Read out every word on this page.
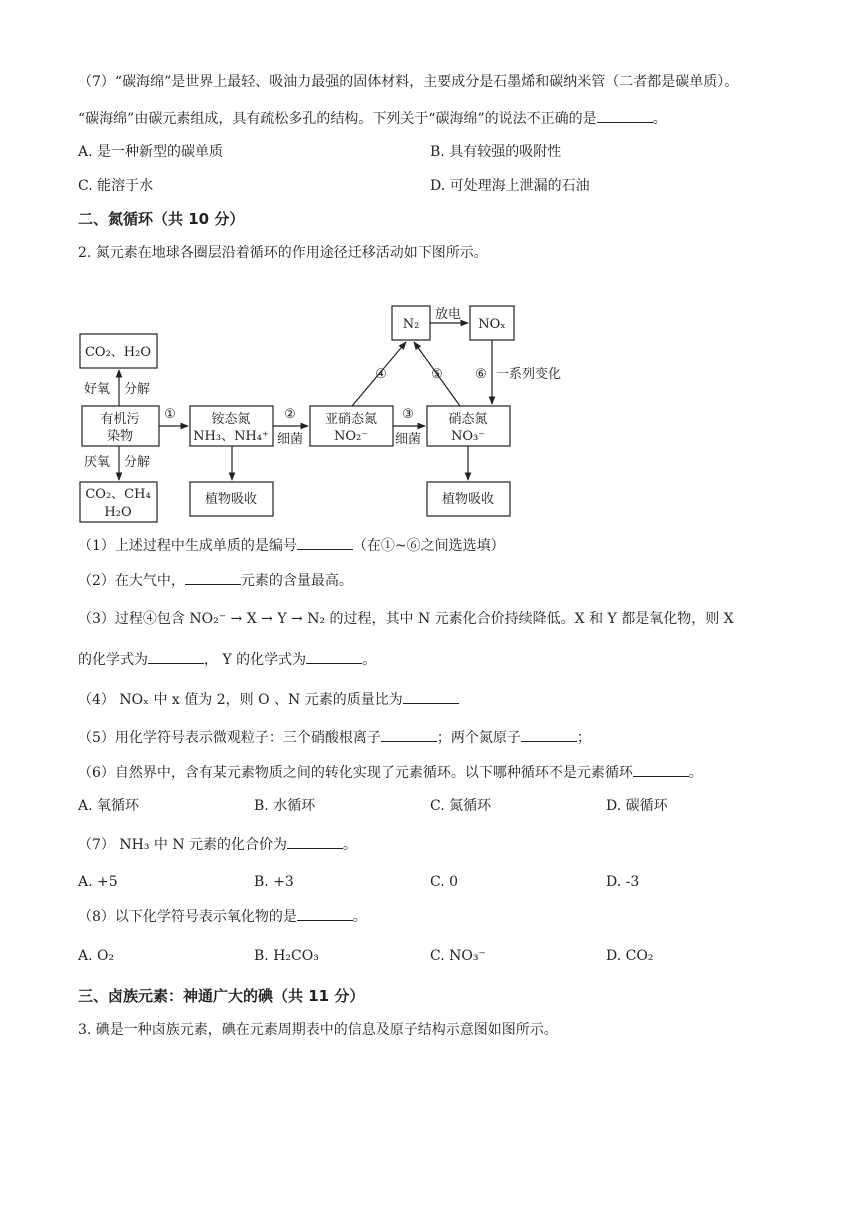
（7）“碳海绵”是世界上最轻、吸油力最强的固体材料，主要成分是石墨烯和碳纳米管（二者都是碳单质）。
“碳海绵”由碳元素组成，具有疏松多孔的结构。下列关于“碳海绵”的说法不正确的是	。
A. 是一种新型的碳单质	B. 具有较强的吸附性
C. 能溶于水	D. 可处理海上泄漏的石油
二、氮循环（共 10 分）
2. 氮元素在地球各圈层沿着循环的作用途径迁移活动如下图所示。
CO₂、H₂O
好氧 分解
有机污
染物
厌氧 分解
CO₂、CH₄
H₂O
①	铵态氮
NH₃、NH₄⁺
植物吸收
②
细菌
亚硝态氮
NO₂⁻
③
细菌
硝态氮
NO₃⁻
植物吸收
N₂
放电
NOₓ
④	⑤ ⑥ 一系列变化
（1）上述过程中生成单质的是编号	（在①~⑥之间选选填）
（2）在大气中，	元素的含量最高。
（3）过程④包含 NO₂⁻ → X → Y → N₂ 的过程，其中 N 元素化合价持续降低。X 和 Y 都是氧化物，则 X
的化学式为	， Y 的化学式为	。
（4） NOₓ 中 x 值为 2，则 O 、N 元素的质量比为
（5）用化学符号表示微观粒子：三个硝酸根离子	；两个氮原子	；
（6）自然界中，含有某元素物质之间的转化实现了元素循环。以下哪种循环不是元素循环	。
A. 氧循环	B. 水循环	C. 氮循环	D. 碳循环
（7） NH₃ 中 N 元素的化合价为	。
A. +5	B. +3	C. 0	D. -3
（8）以下化学符号表示氧化物的是	。
A. O₂	B. H₂CO₃	C. NO₃⁻	D. CO₂
三、卤族元素：神通广大的碘（共 11 分）
3. 碘是一种卤族元素，碘在元素周期表中的信息及原子结构示意图如图所示。
